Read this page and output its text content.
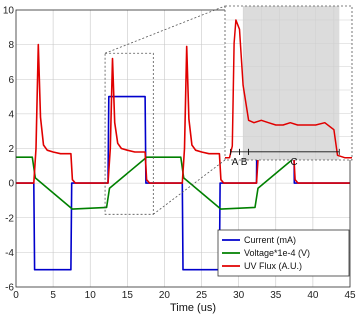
0	5	10	15	20	25	30	35	40	45
-6
-4
-2
0
2
4
6
8
10
Time (us)
A B	C
Current (mA)
Voltage*1e-4 (V)
UV Flux (A.U.)
